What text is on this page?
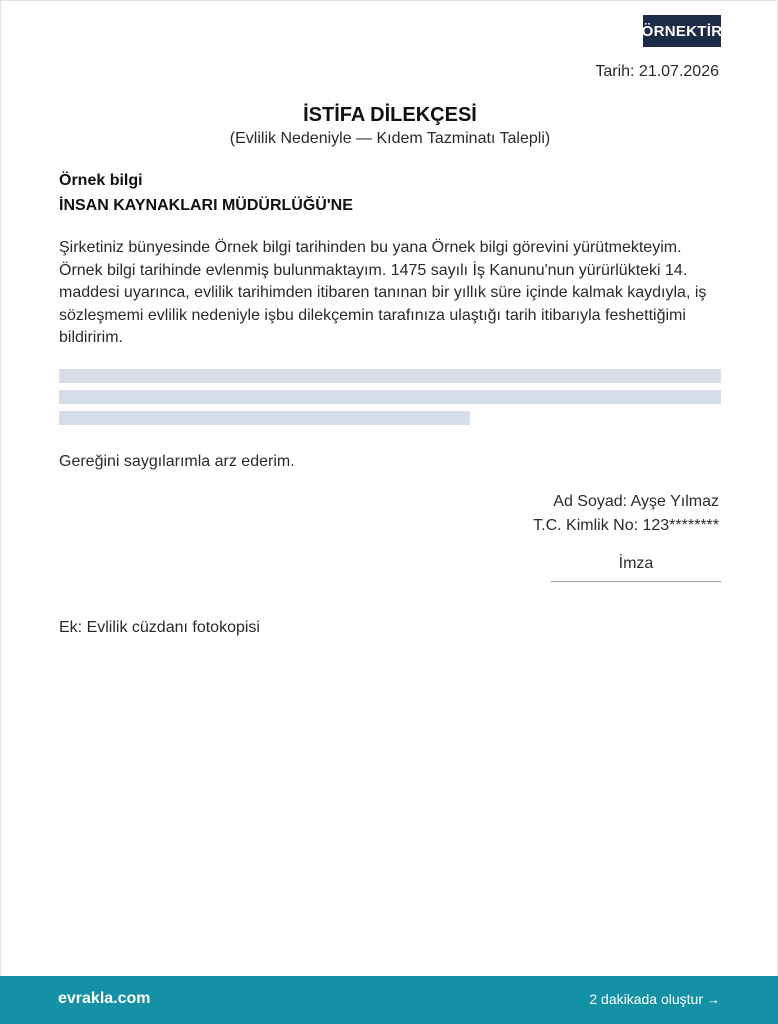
ÖRNEKTİR
Tarih: 21.07.2026
İSTİFA DİLEKÇESİ
(Evlilik Nedeniyle — Kıdem Tazminatı Talepli)
Örnek bilgi
İNSAN KAYNAKLARI MÜDÜRLÜĞÜ'NE
Şirketiniz bünyesinde Örnek bilgi tarihinden bu yana Örnek bilgi görevini yürütmekteyim. Örnek bilgi tarihinde evlenmiş bulunmaktayım. 1475 sayılı İş Kanunu'nun yürürlükteki 14. maddesi uyarınca, evlilik tarihimden itibaren tanınan bir yıllık süre içinde kalmak kaydıyla, iş sözleşmemi evlilik nedeniyle işbu dilekçemin tarafınıza ulaştığı tarih itibarıyla feshettiğimi bildiririm.
Gereğini saygılarımla arz ederim.
Ad Soyad: Ayşe Yılmaz
T.C. Kimlik No: 123********
İmza
Ek: Evlilik cüzdanı fotokopisi
evrakla.com	2 dakikada oluştur →
